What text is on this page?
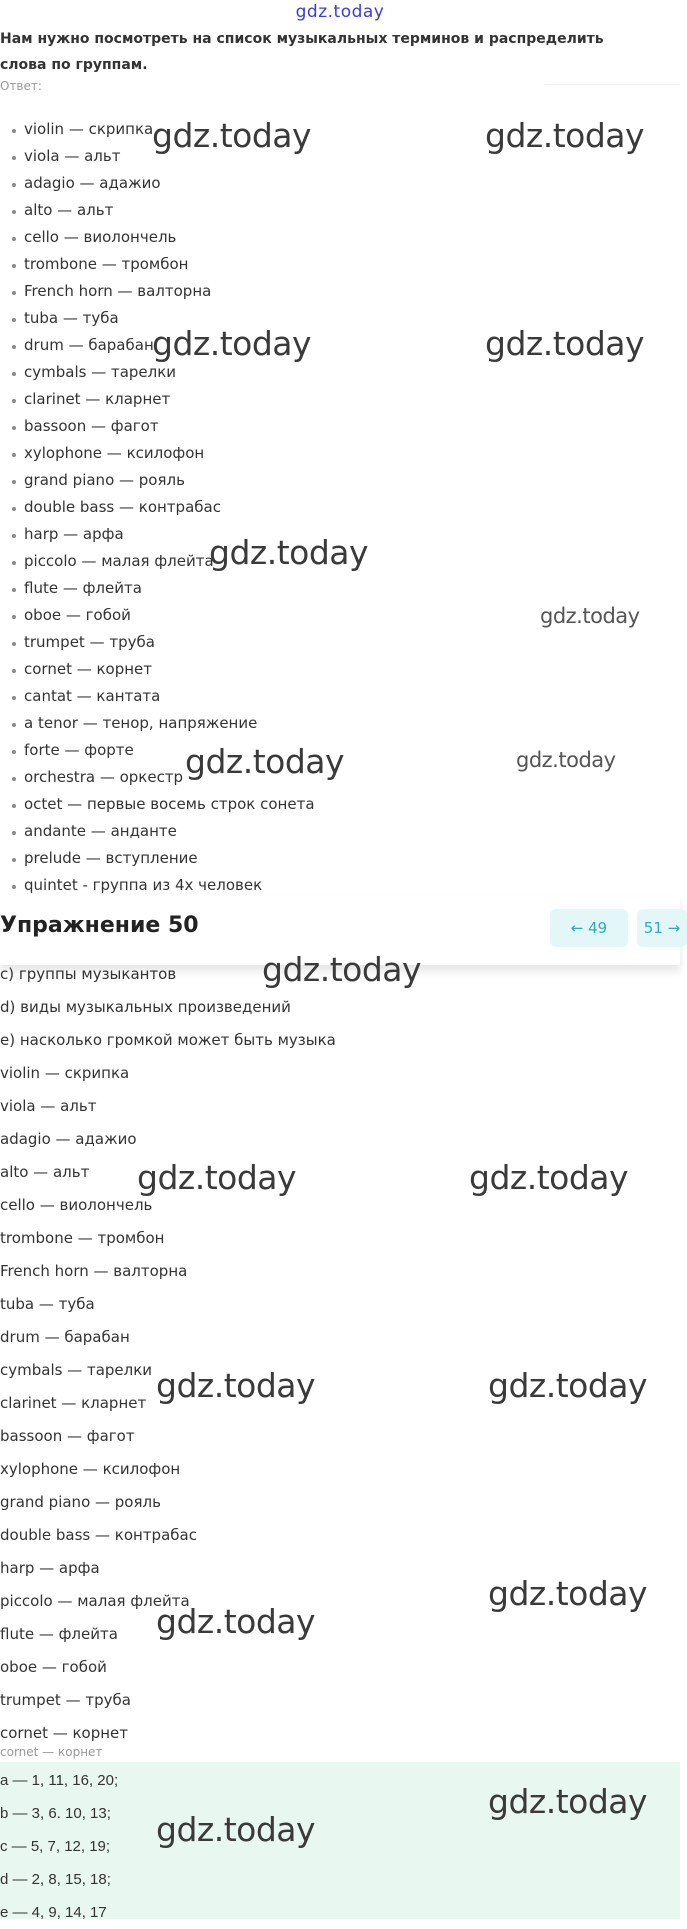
gdz.today
Нам нужно посмотреть на список музыкальных терминов и распределить слова по группам.
Ответ:
violin — скрипка
viola — альт
adagio — адажио
alto — альт
cello — виолончель
trombone — тромбон
French horn — валторна
tuba — туба
drum — барабан
cymbals — тарелки
clarinet — кларнет
bassoon — фагот
xylophone — ксилофон
grand piano — рояль
double bass — контрабас
harp — арфа
piccolo — малая флейта
flute — флейта
oboe — гобой
trumpet — труба
cornet — корнет
cantat — кантата
a tenor — тенор, напряжение
forte — форте
orchestra — оркестр
octet — первые восемь строк сонета
andante — анданте
prelude — вступление
quintet - группа из 4х человек
c) группы музыкантов
d) виды музыкальных произведений
e) насколько громкой может быть музыка
violin — скрипка
viola — альт
adagio — адажио
alto — альт
cello — виолончель
trombone — тромбон
French horn — валторна
tuba — туба
drum — барабан
cymbals — тарелки
clarinet — кларнет
bassoon — фагот
xylophone — ксилофон
grand piano — рояль
double bass — контрабас
harp — арфа
piccolo — малая флейта
flute — флейта
oboe — гобой
trumpet — труба
cornet — корнет
Упражнение 50	← 49	51 →
cornet — корнет
a — 1, 11, 16, 20;
b — 3, 6. 10, 13;
c — 5, 7, 12, 19;
d — 2, 8, 15, 18;
e — 4, 9, 14, 17
gdz.today	gdz.today
gdz.today	gdz.today
gdz.today
gdz.today
gdz.today	gdz.today
gdz.today
gdz.today	gdz.today
gdz.today	gdz.today
gdz.today
gdz.today
gdz.today
gdz.today
